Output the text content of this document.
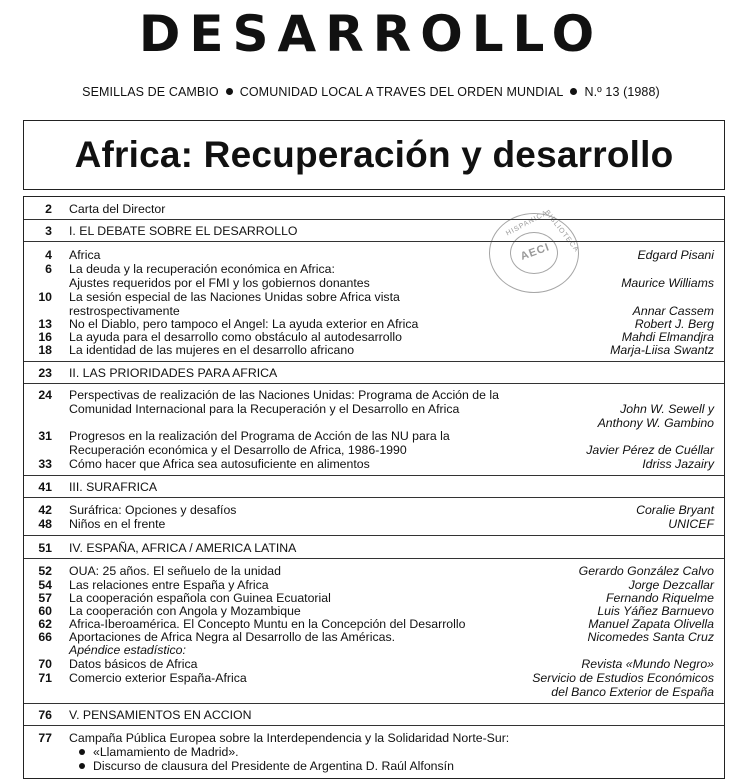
DESARROLLO
SEMILLAS DE CAMBIO COMUNIDAD LOCAL A TRAVES DEL ORDEN MUNDIAL N.º 13 (1988)
Africa: Recuperación y desarrollo
HISPANICA
BIBLIOTECA
AECI
2 Carta del Director
3 I. EL DEBATE SOBRE EL DESARROLLO
4 Africa	Edgard Pisani
6 La deuda y la recuperación económica en Africa:
Ajustes requeridos por el FMI y los gobiernos donantes	Maurice Williams
10 La sesión especial de las Naciones Unidas sobre Africa vista
restrospectivamente	Annar Cassem
13 No el Diablo, pero tampoco el Angel: La ayuda exterior en Africa	Robert J. Berg
16 La ayuda para el desarrollo como obstáculo al autodesarrollo	Mahdi Elmandjra
18 La identidad de las mujeres en el desarrollo africano	Marja-Liisa Swantz
23 II. LAS PRIORIDADES PARA AFRICA
24 Perspectivas de realización de las Naciones Unidas: Programa de Acción de la
Comunidad Internacional para la Recuperación y el Desarrollo en Africa	John W. Sewell y
Anthony W. Gambino
31 Progresos en la realización del Programa de Acción de las NU para la
Recuperación económica y el Desarrollo de Africa, 1986-1990	Javier Pérez de Cuéllar
33 Cómo hacer que Africa sea autosuficiente en alimentos	Idriss Jazairy
41 III. SURAFRICA
42 Suráfrica: Opciones y desafíos	Coralie Bryant
48 Niños en el frente	UNICEF
51 IV. ESPAÑA, AFRICA / AMERICA LATINA
52 OUA: 25 años. El señuelo de la unidad	Gerardo González Calvo
54 Las relaciones entre España y Africa	Jorge Dezcallar
57 La cooperación española con Guinea Ecuatorial	Fernando Riquelme
60 La cooperación con Angola y Mozambique	Luis Yáñez Barnuevo
62 Africa-Iberoamérica. El Concepto Muntu en la Concepción del Desarrollo	Manuel Zapata Olivella
66 Aportaciones de Africa Negra al Desarrollo de las Américas.	Nicomedes Santa Cruz
Apéndice estadístico:
70 Datos básicos de Africa	Revista «Mundo Negro»
71 Comercio exterior España-Africa	Servicio de Estudios Económicos
del Banco Exterior de España
76 V. PENSAMIENTOS EN ACCION
77 Campaña Pública Europea sobre la Interdependencia y la Solidaridad Norte-Sur:
«Llamamiento de Madrid».
Discurso de clausura del Presidente de Argentina D. Raúl Alfonsín
